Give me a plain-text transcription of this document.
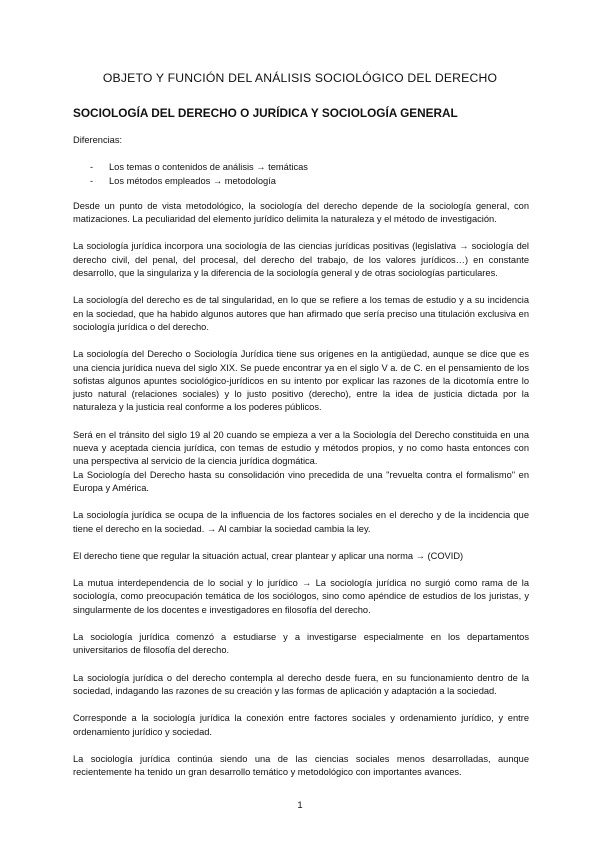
OBJETO Y FUNCIÓN DEL ANÁLISIS SOCIOLÓGICO DEL DERECHO
SOCIOLOGÍA DEL DERECHO O JURÍDICA Y SOCIOLOGÍA GENERAL

Diferencias:

- Los temas o contenidos de análisis → temáticas
- Los métodos empleados → metodología

Desde un punto de vista metodológico, la sociología del derecho depende de la sociología general, con matizaciones. La peculiaridad del elemento jurídico delimita la naturaleza y el método de investigación.

La sociología jurídica incorpora una sociología de las ciencias jurídicas positivas (legislativa → sociología del derecho civil, del penal, del procesal, del derecho del trabajo, de los valores jurídicos…) en constante desarrollo, que la singulariza y la diferencia de la sociología general y de otras sociologías particulares.

La sociología del derecho es de tal singularidad, en lo que se refiere a los temas de estudio y a su incidencia en la sociedad, que ha habido algunos autores que han afirmado que sería preciso una titulación exclusiva en sociología jurídica o del derecho.

La sociología del Derecho o Sociología Jurídica tiene sus orígenes en la antigüedad, aunque se dice que es una ciencia jurídica nueva del siglo XIX. Se puede encontrar ya en el siglo V a. de C. en el pensamiento de los sofistas algunos apuntes sociológico-jurídicos en su intento por explicar las razones de la dicotomía entre lo justo natural (relaciones sociales) y lo justo positivo (derecho), entre la idea de justicia dictada por la naturaleza y la justicia real conforme a los poderes públicos.

Será en el tránsito del siglo 19 al 20 cuando se empieza a ver a la Sociología del Derecho constituida en una nueva y aceptada ciencia jurídica, con temas de estudio y métodos propios, y no como hasta entonces con una perspectiva al servicio de la ciencia jurídica dogmática.

La Sociología del Derecho hasta su consolidación vino precedida de una "revuelta contra el formalismo" en Europa y América.

La sociología jurídica se ocupa de la influencia de los factores sociales en el derecho y de la incidencia que tiene el derecho en la sociedad. → Al cambiar la sociedad cambia la ley.

El derecho tiene que regular la situación actual, crear plantear y aplicar una norma → (COVID)

La mutua interdependencia de lo social y lo jurídico → La sociología jurídica no surgió como rama de la sociología, como preocupación temática de los sociólogos, sino como apéndice de estudios de los juristas, y singularmente de los docentes e investigadores en filosofía del derecho.

La sociología jurídica comenzó a estudiarse y a investigarse especialmente en los departamentos universitarios de filosofía del derecho.

La sociología jurídica o del derecho contempla al derecho desde fuera, en su funcionamiento dentro de la sociedad, indagando las razones de su creación y las formas de aplicación y adaptación a la sociedad.

Corresponde a la sociología jurídica la conexión entre factores sociales y ordenamiento jurídico, y entre ordenamiento jurídico y sociedad.

La sociología jurídica continúa siendo una de las ciencias sociales menos desarrolladas, aunque recientemente ha tenido un gran desarrollo temático y metodológico con importantes avances.

1
